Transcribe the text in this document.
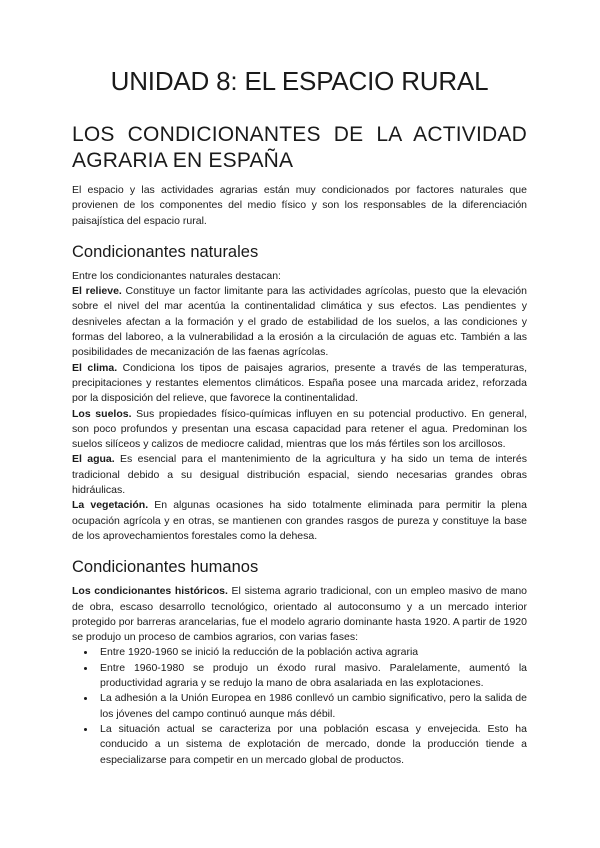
UNIDAD 8: EL ESPACIO RURAL
LOS CONDICIONANTES DE LA ACTIVIDAD AGRARIA EN ESPAÑA

El espacio y las actividades agrarias están muy condicionados por factores naturales que provienen de los componentes del medio físico y son los responsables de la diferenciación paisajística del espacio rural.

Condicionantes naturales

Entre los condicionantes naturales destacan:

El relieve. Constituye un factor limitante para las actividades agrícolas, puesto que la elevación sobre el nivel del mar acentúa la continentalidad climática y sus efectos. Las pendientes y desniveles afectan a la formación y el grado de estabilidad de los suelos, a las condiciones y formas del laboreo, a la vulnerabilidad a la erosión a la circulación de aguas etc. También a las posibilidades de mecanización de las faenas agrícolas.

El clima. Condiciona los tipos de paisajes agrarios, presente a través de las temperaturas, precipitaciones y restantes elementos climáticos. España posee una marcada aridez, reforzada por la disposición del relieve, que favorece la continentalidad.

Los suelos. Sus propiedades físico-químicas influyen en su potencial productivo. En general, son poco profundos y presentan una escasa capacidad para retener el agua. Predominan los suelos silíceos y calizos de mediocre calidad, mientras que los más fértiles son los arcillosos.

El agua. Es esencial para el mantenimiento de la agricultura y ha sido un tema de interés tradicional debido a su desigual distribución espacial, siendo necesarias grandes obras hidráulicas.

La vegetación. En algunas ocasiones ha sido totalmente eliminada para permitir la plena ocupación agrícola y en otras, se mantienen con grandes rasgos de pureza y constituye la base de los aprovechamientos forestales como la dehesa.

Condicionantes humanos

Los condicionantes históricos. El sistema agrario tradicional, con un empleo masivo de mano de obra, escaso desarrollo tecnológico, orientado al autoconsumo y a un mercado interior protegido por barreras arancelarias, fue el modelo agrario dominante hasta 1920. A partir de 1920 se produjo un proceso de cambios agrarios, con varias fases:

• Entre 1920-1960 se inició la reducción de la población activa agraria
• Entre 1960-1980 se produjo un éxodo rural masivo. Paralelamente, aumentó la productividad agraria y se redujo la mano de obra asalariada en las explotaciones.
• La adhesión a la Unión Europea en 1986 conllevó un cambio significativo, pero la salida de los jóvenes del campo continuó aunque más débil.
• La situación actual se caracteriza por una población escasa y envejecida. Esto ha conducido a un sistema de explotación de mercado, donde la producción tiende a especializarse para competir en un mercado global de productos.
